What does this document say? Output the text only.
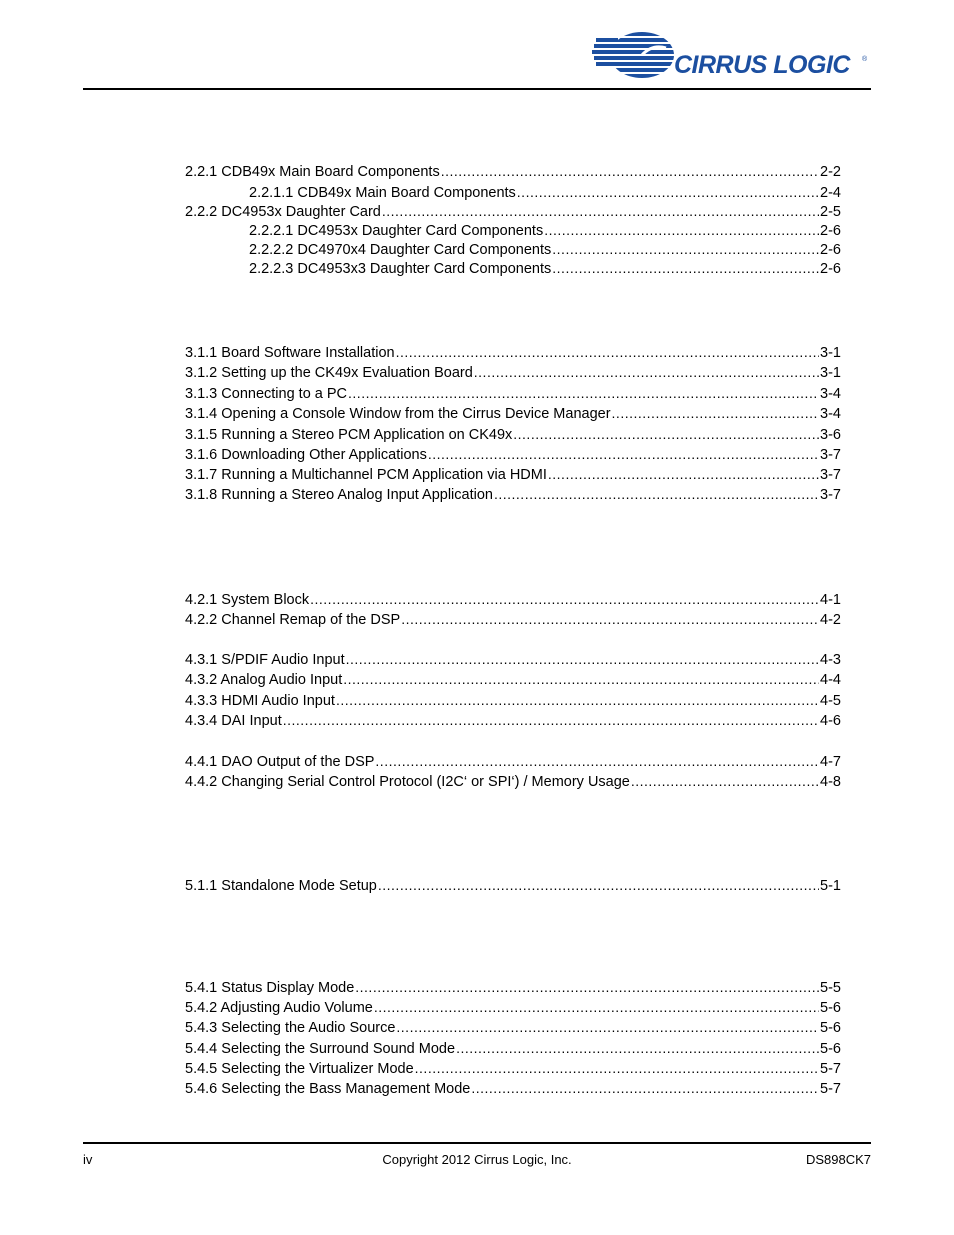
CIRRUS LOGIC ®
2.2.1 CDB49x Main Board Components .....	2-2
2.2.1.1 CDB49x Main Board Components .....	2-4
2.2.2 DC4953x Daughter Card .....	2-5
2.2.2.1 DC4953x Daughter Card Components .....	2-6
2.2.2.2 DC4970x4 Daughter Card Components .....	2-6
2.2.2.3 DC4953x3 Daughter Card Components .....	2-6
3.1.1 Board Software Installation .....	3-1
3.1.2 Setting up the CK49x Evaluation Board .....	3-1
3.1.3 Connecting to a PC .....	3-4
3.1.4 Opening a Console Window from the Cirrus Device Manager .....	3-4
3.1.5 Running a Stereo PCM Application on CK49x .....	3-6
3.1.6 Downloading Other Applications .....	3-7
3.1.7 Running a Multichannel PCM Application via HDMI .....	3-7
3.1.8 Running a Stereo Analog Input Application .....	3-7
4.2.1 System Block .....	4-1
4.2.2 Channel Remap of the DSP .....	4-2
4.3.1 S/PDIF Audio Input .....	4-3
4.3.2 Analog Audio Input .....	4-4
4.3.3 HDMI Audio Input .....	4-5
4.3.4 DAI Input .....	4-6
4.4.1 DAO Output of the DSP .....	4-7
4.4.2 Changing Serial Control Protocol (I2C‘ or SPI‘) / Memory Usage .....	4-8
5.1.1 Standalone Mode Setup .....	5-1
5.4.1 Status Display Mode .....	5-5
5.4.2 Adjusting Audio Volume .....	5-6
5.4.3 Selecting the Audio Source .....	5-6
5.4.4 Selecting the Surround Sound Mode .....	5-6
5.4.5 Selecting the Virtualizer Mode .....	5-7
5.4.6 Selecting the Bass Management Mode .....	5-7
iv	Copyright 2012 Cirrus Logic, Inc.	DS898CK7
